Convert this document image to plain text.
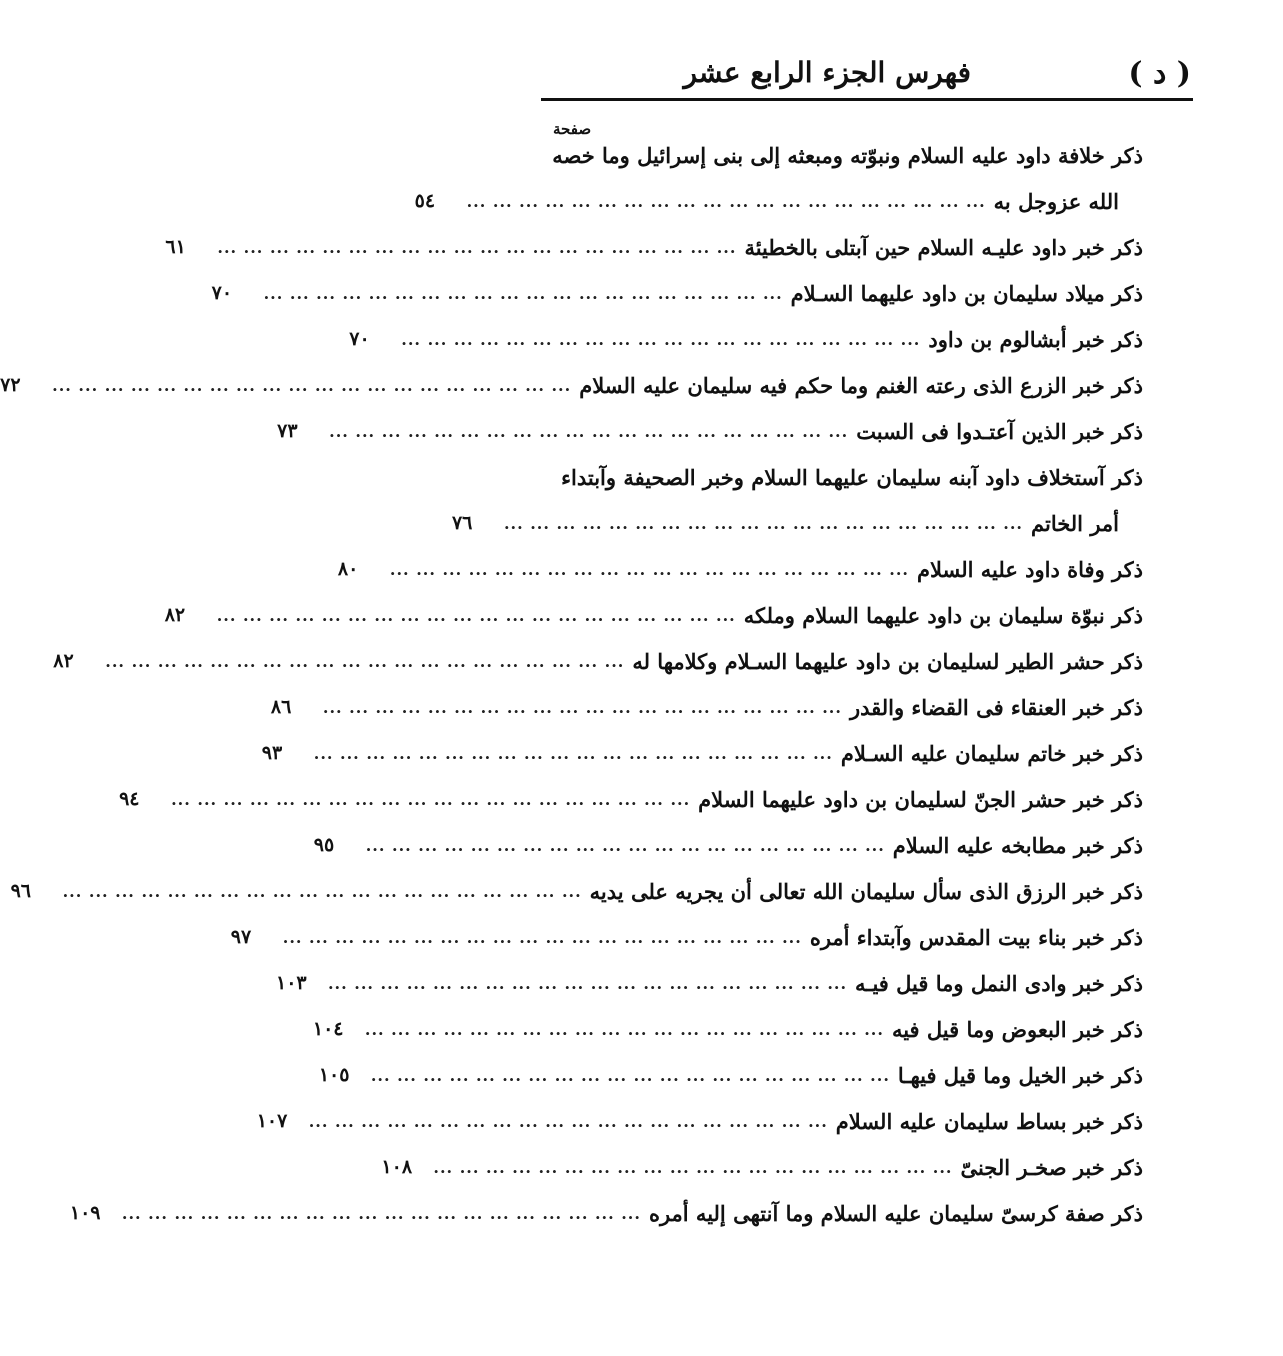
( د )
فهرس الجزء الرابع عشر
صفحة
ذكر خلافة داود عليه السلام ونبوّته ومبعثه إلى بنى إسرائيل وما خصه
الله عزوجل به
... ... ... ... ... ... ... ... ... ... ... ... ... ... ... ... ... ... ... ...
٥٤
ذكر خبر داود عليـه السلام حين آبتلى بالخطيئة
... ... ... ... ... ... ... ... ... ... ... ... ... ... ... ... ... ... ... ...
٦١
ذكر ميلاد سليمان بن داود عليهما السـلام
... ... ... ... ... ... ... ... ... ... ... ... ... ... ... ... ... ... ... ...
٧٠
ذكر خبر أبشالوم بن داود
... ... ... ... ... ... ... ... ... ... ... ... ... ... ... ... ... ... ... ...
٧٠
ذكر خبر الزرع الذى رعته الغنم وما حكم فيه سليمان عليه السلام
... ... ... ... ... ... ... ... ... ... ... ... ... ... ... ... ... ... ... ...
٧٢
ذكر خبر الذين آعتـدوا فى السبت
... ... ... ... ... ... ... ... ... ... ... ... ... ... ... ... ... ... ... ...
٧٣
ذكر آستخلاف داود آبنه سليمان عليهما السلام وخبر الصحيفة وآبتداء
أمر الخاتم
... ... ... ... ... ... ... ... ... ... ... ... ... ... ... ... ... ... ... ...
٧٦
ذكر وفاة داود عليه السلام
... ... ... ... ... ... ... ... ... ... ... ... ... ... ... ... ... ... ... ...
٨٠
ذكر نبوّة سليمان بن داود عليهما السلام وملكه
... ... ... ... ... ... ... ... ... ... ... ... ... ... ... ... ... ... ... ...
٨٢
ذكر حشر الطير لسليمان بن داود عليهما السـلام وكلامها له
... ... ... ... ... ... ... ... ... ... ... ... ... ... ... ... ... ... ... ...
٨٢
ذكر خبر العنقاء فى القضاء والقدر
... ... ... ... ... ... ... ... ... ... ... ... ... ... ... ... ... ... ... ...
٨٦
ذكر خبر خاتم سليمان عليه السـلام
... ... ... ... ... ... ... ... ... ... ... ... ... ... ... ... ... ... ... ...
٩٣
ذكر خبر حشر الجنّ لسليمان بن داود عليهما السلام
... ... ... ... ... ... ... ... ... ... ... ... ... ... ... ... ... ... ... ...
٩٤
ذكر خبر مطابخه عليه السلام
... ... ... ... ... ... ... ... ... ... ... ... ... ... ... ... ... ... ... ...
٩٥
ذكر خبر الرزق الذى سأل سليمان الله تعالى أن يجريه على يديه
... ... ... ... ... ... ... ... ... ... ... ... ... ... ... ... ... ... ... ...
٩٦
ذكر خبر بناء بيت المقدس وآبتداء أمره
... ... ... ... ... ... ... ... ... ... ... ... ... ... ... ... ... ... ... ...
٩٧
ذكر خبر وادى النمل وما قيل فيـه
... ... ... ... ... ... ... ... ... ... ... ... ... ... ... ... ... ... ... ...
١٠٣
ذكر خبر البعوض وما قيل فيه
... ... ... ... ... ... ... ... ... ... ... ... ... ... ... ... ... ... ... ...
١٠٤
ذكر خبر الخيل وما قيل فيهـا
... ... ... ... ... ... ... ... ... ... ... ... ... ... ... ... ... ... ... ...
١٠٥
ذكر خبر بساط سليمان عليه السلام
... ... ... ... ... ... ... ... ... ... ... ... ... ... ... ... ... ... ... ...
١٠٧
ذكر خبر صخـر الجنىّ
... ... ... ... ... ... ... ... ... ... ... ... ... ... ... ... ... ... ... ...
١٠٨
ذكر صفة كرسىّ سليمان عليه السلام وما آنتهى إليه أمره
... ... ... ... ... ... ... ... ... ... ... ... ... ... ... ... ... ... ... ...
١٠٩
